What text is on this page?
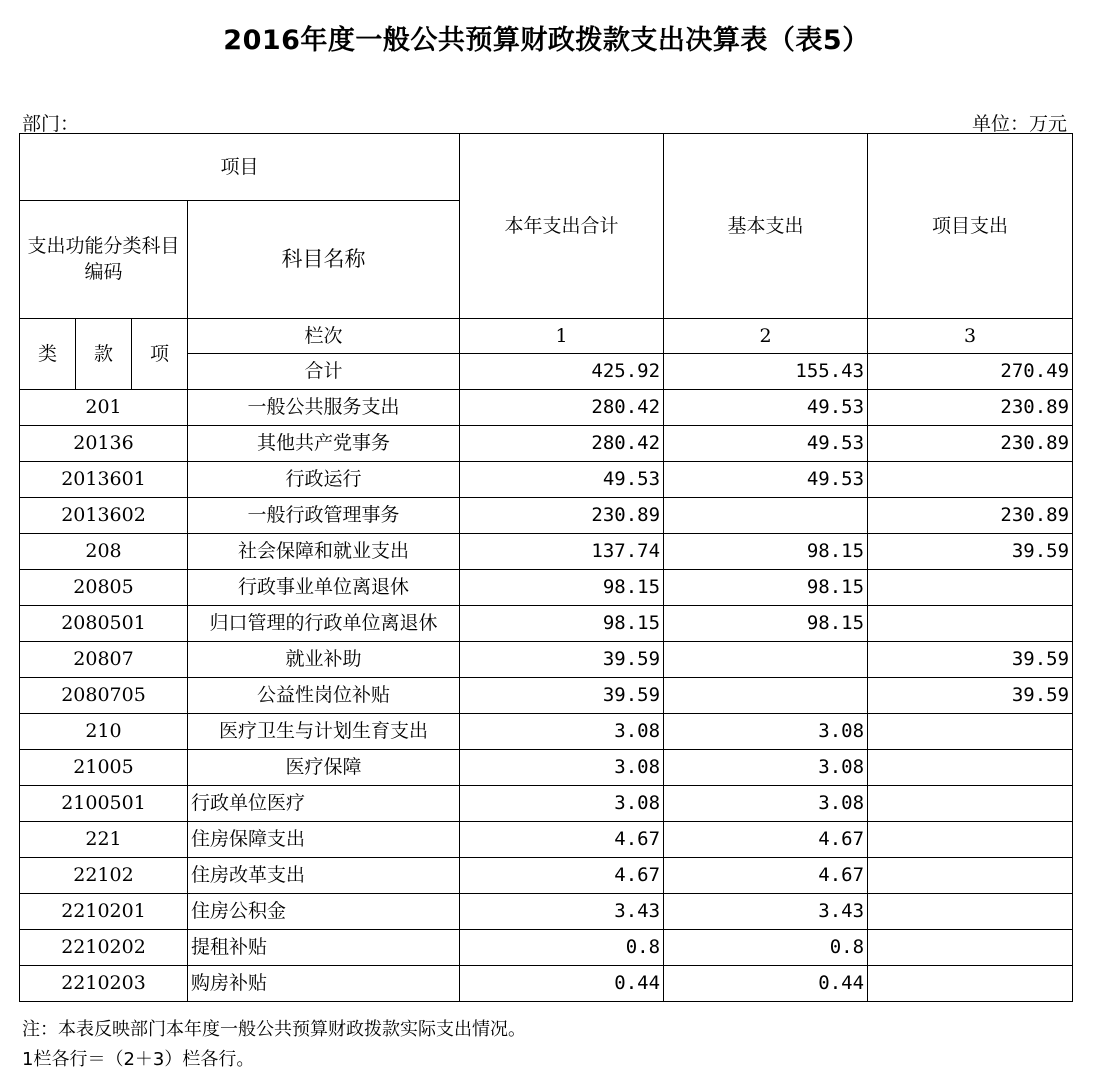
2016年度一般公共预算财政拨款支出决算表（表5）
部门：	单位：万元
项目				本年支出合计	基本支出	项目支出
支出功能分类科目编码			科目名称			
类	款	项	栏次	1	2	3
			合计	425.92	155.43	270.49
201			一般公共服务支出	280.42	49.53	230.89
20136			其他共产党事务	280.42	49.53	230.89
2013601			行政运行	49.53	49.53	
2013602			一般行政管理事务	230.89		230.89
208			社会保障和就业支出	137.74	98.15	39.59
20805			行政事业单位离退休	98.15	98.15	
2080501			归口管理的行政单位离退休	98.15	98.15	
20807			就业补助	39.59		39.59
2080705			公益性岗位补贴	39.59		39.59
210			医疗卫生与计划生育支出	3.08	3.08	
21005			医疗保障	3.08	3.08	
2100501			行政单位医疗	3.08	3.08	
221			住房保障支出	4.67	4.67	
22102			住房改革支出	4.67	4.67	
2210201			住房公积金	3.43	3.43	
2210202			提租补贴	0.8	0.8	
2210203			购房补贴	0.44	0.44	
注：本表反映部门本年度一般公共预算财政拨款实际支出情况。
1栏各行＝（2＋3）栏各行。
